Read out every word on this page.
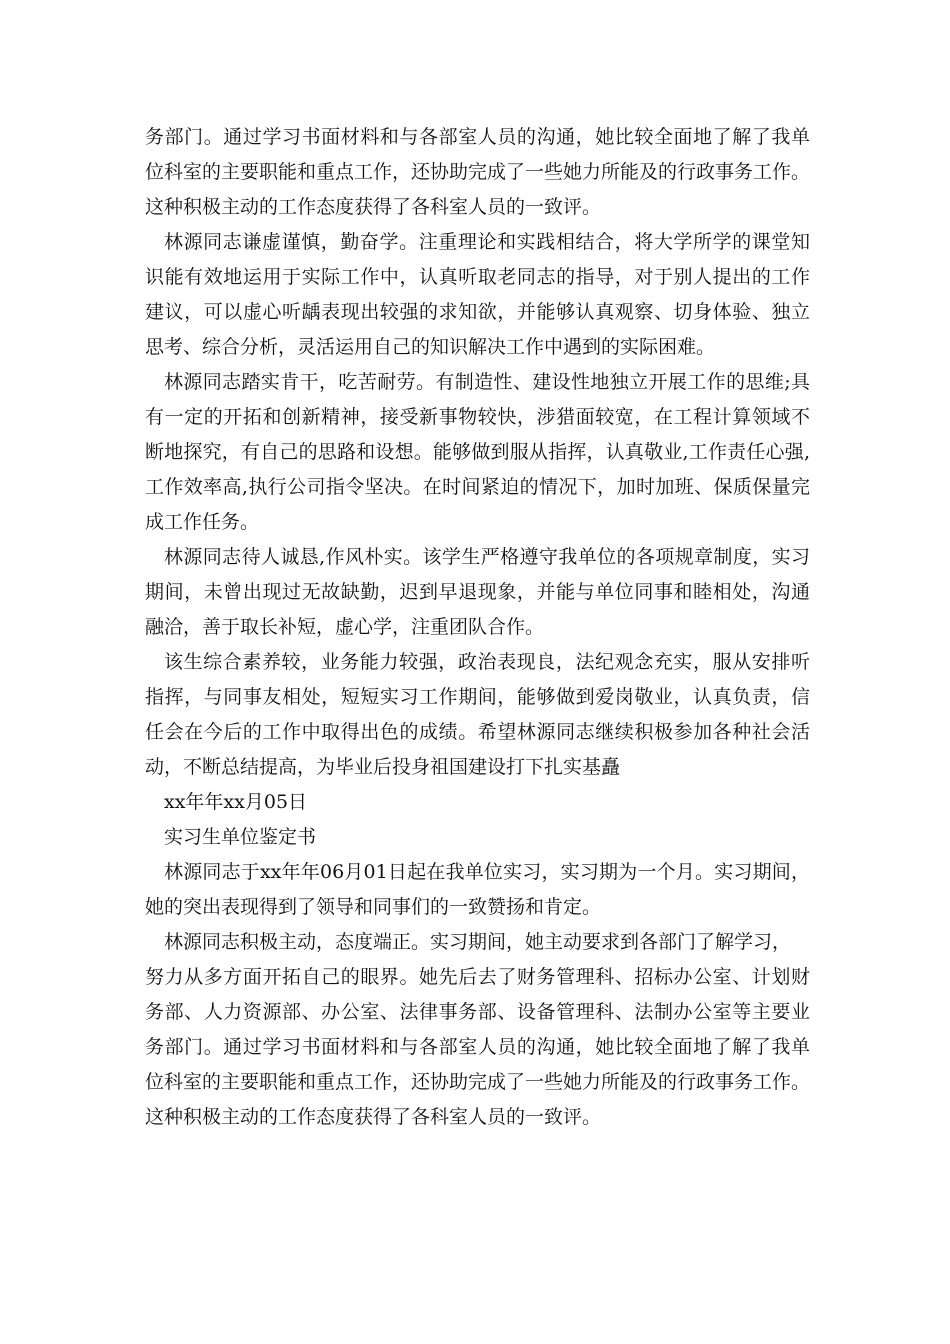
务部门。通过学习书面材料和与各部室人员的沟通，她比较全面地了解了我单
位科室的主要职能和重点工作，还协助完成了一些她力所能及的行政事务工作。
这种积极主动的工作态度获得了各科室人员的一致评。
林源同志谦虚谨慎，勤奋学。注重理论和实践相结合，将大学所学的课堂知
识能有效地运用于实际工作中，认真听取老同志的指导，对于别人提出的工作
建议，可以虚心听龋表现出较强的求知欲，并能够认真观察、切身体验、独立
思考、综合分析，灵活运用自己的知识解决工作中遇到的实际困难。
林源同志踏实肯干，吃苦耐劳。有制造性、建设性地独立开展工作的思维;具
有一定的开拓和创新精神，接受新事物较快，涉猎面较宽，在工程计算领域不
断地探究，有自己的思路和设想。能够做到服从指挥，认真敬业,工作责任心强,
工作效率高,执行公司指令坚决。在时间紧迫的情况下，加时加班、保质保量完
成工作任务。
林源同志待人诚恳,作风朴实。该学生严格遵守我单位的各项规章制度，实习
期间，未曾出现过无故缺勤，迟到早退现象，并能与单位同事和睦相处，沟通
融洽，善于取长补短，虚心学，注重团队合作。
该生综合素养较，业务能力较强，政治表现良，法纪观念充实，服从安排听
指挥，与同事友相处，短短实习工作期间，能够做到爱岗敬业，认真负责，信
任会在今后的工作中取得出色的成绩。希望林源同志继续积极参加各种社会活
动，不断总结提高，为毕业后投身祖国建设打下扎实基矗
xx年年xx月05日
实习生单位鉴定书
林源同志于xx年年06月01日起在我单位实习，实习期为一个月。实习期间，
她的突出表现得到了领导和同事们的一致赞扬和肯定。
林源同志积极主动，态度端正。实习期间，她主动要求到各部门了解学习，
努力从多方面开拓自己的眼界。她先后去了财务管理科、招标办公室、计划财
务部、人力资源部、办公室、法律事务部、设备管理科、法制办公室等主要业
务部门。通过学习书面材料和与各部室人员的沟通，她比较全面地了解了我单
位科室的主要职能和重点工作，还协助完成了一些她力所能及的行政事务工作。
这种积极主动的工作态度获得了各科室人员的一致评。
